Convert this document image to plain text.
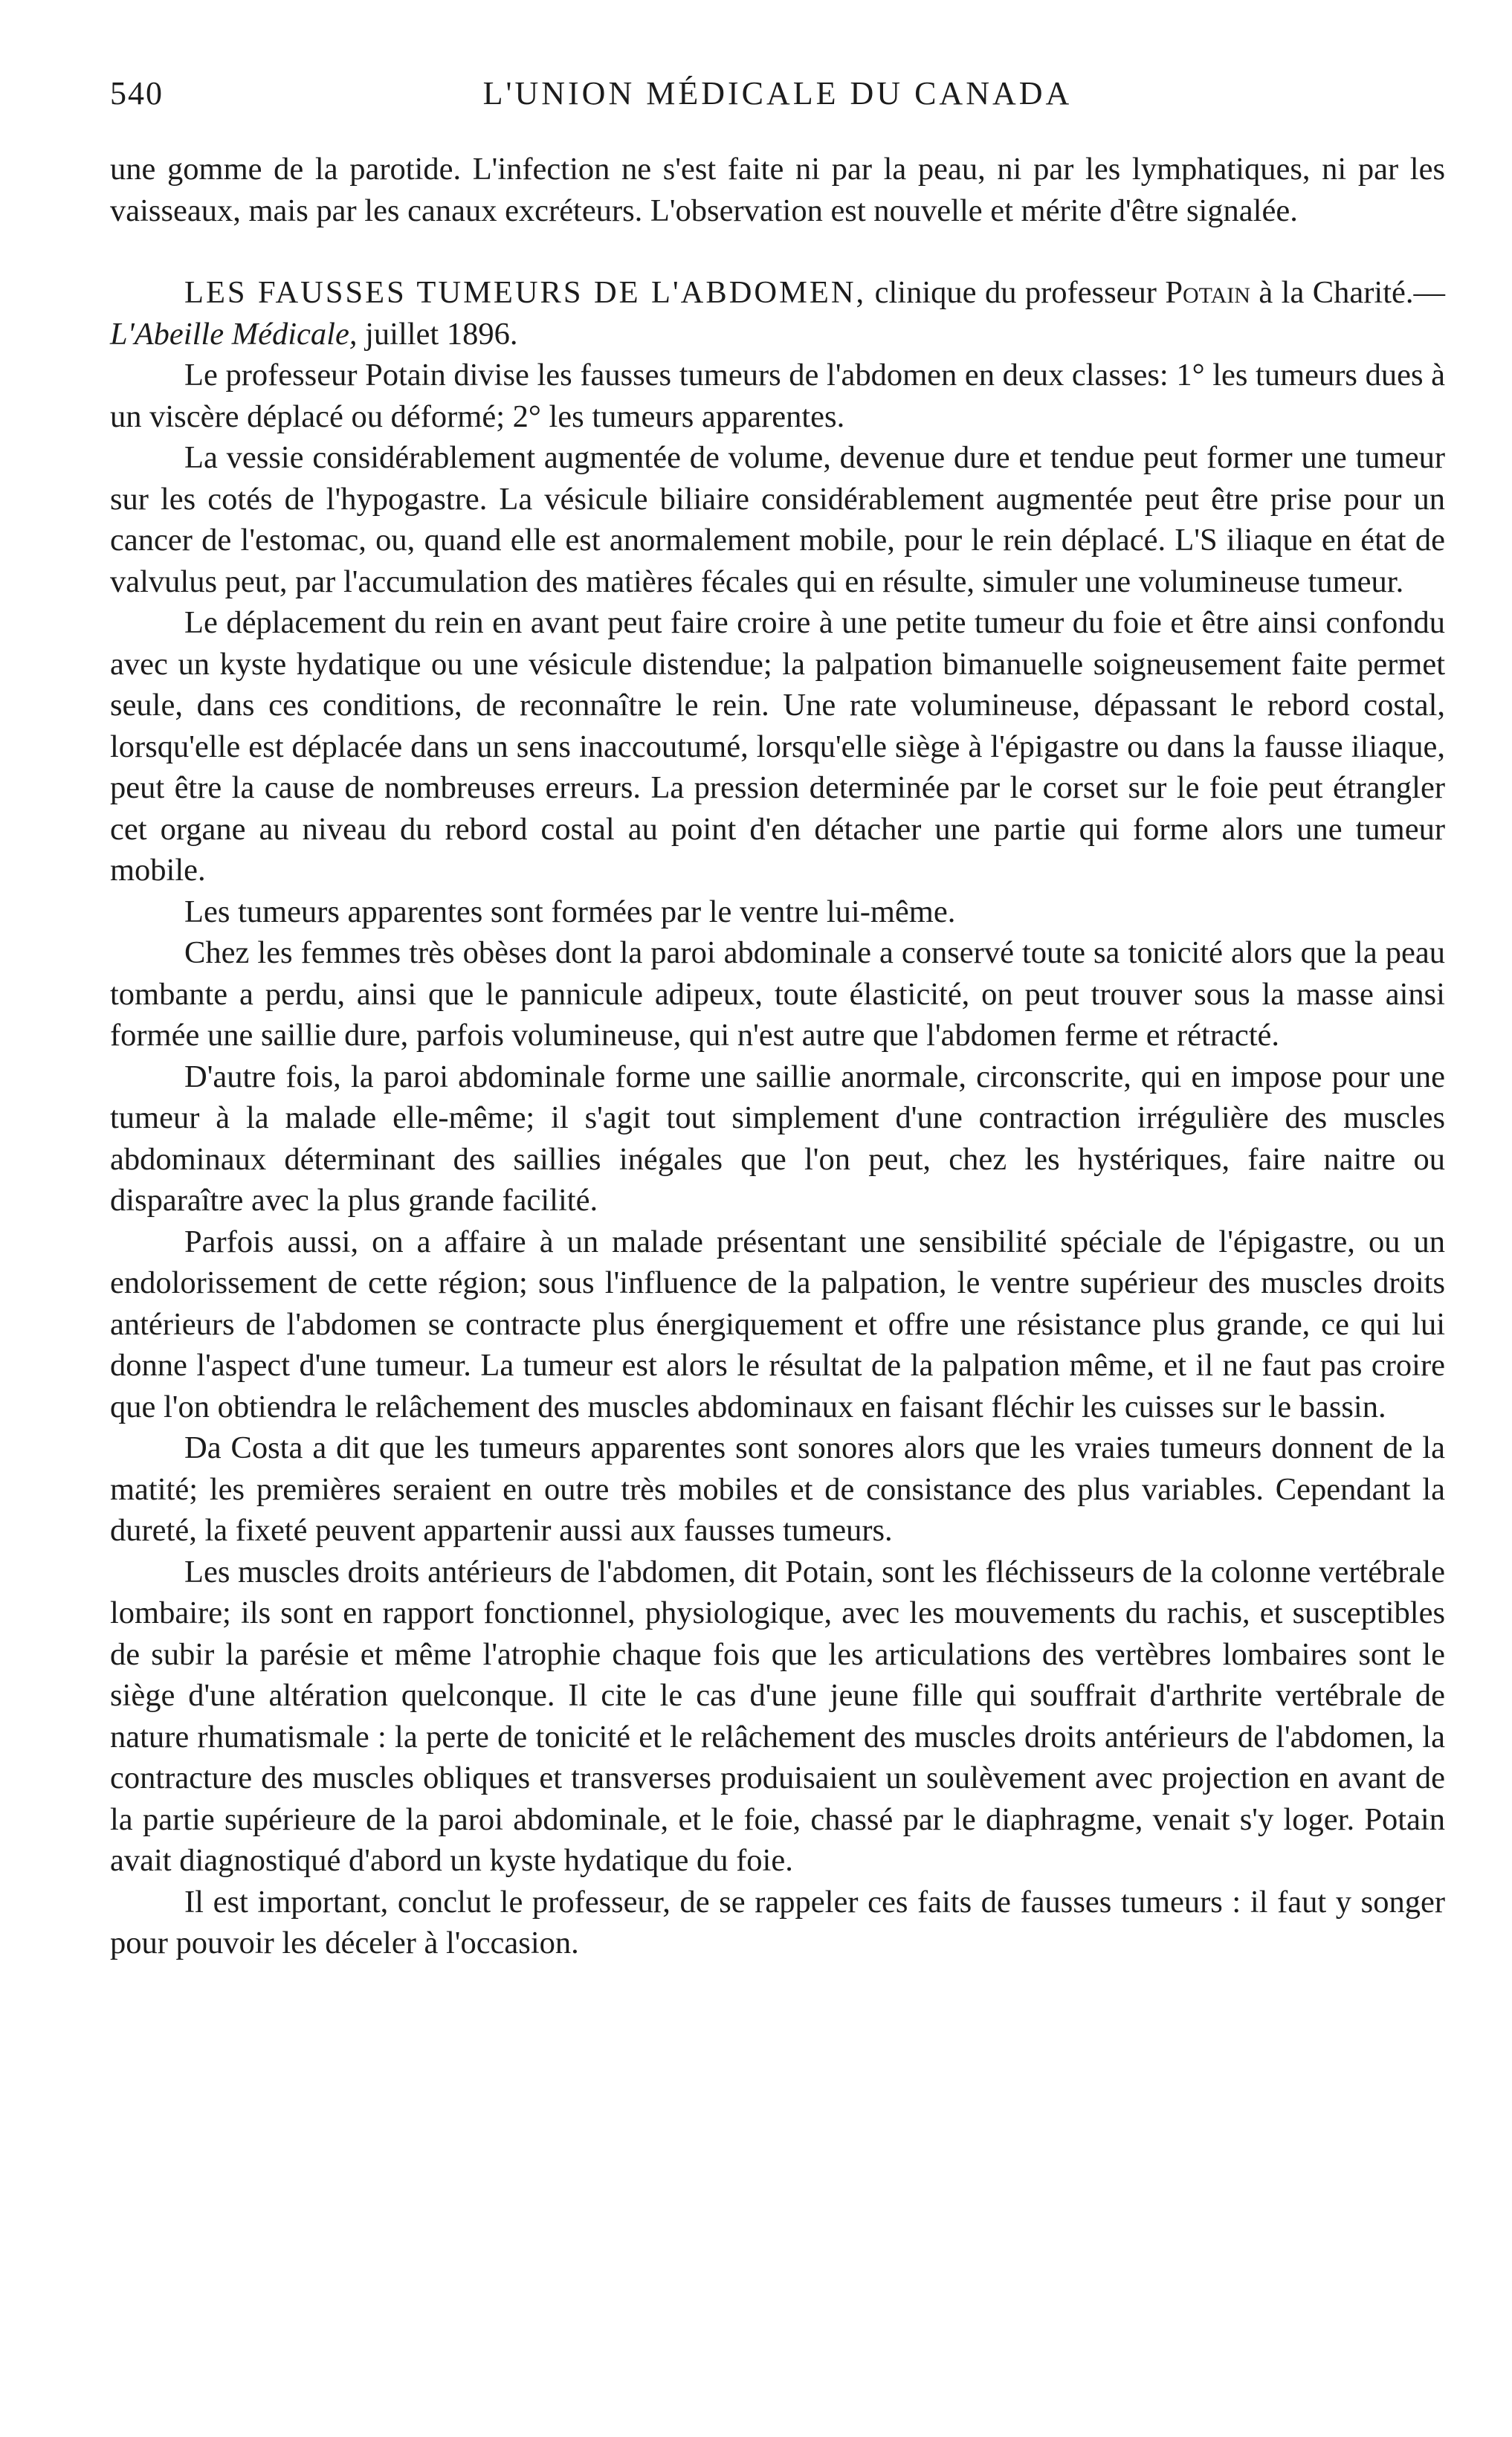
540	L'UNION MÉDICALE DU CANADA

une gomme de la parotide. L'infection ne s'est faite ni par la peau, ni par les lymphatiques, ni par les vaisseaux, mais par les canaux excréteurs. L'observation est nouvelle et mérite d'être signalée.

LES FAUSSES TUMEURS DE L'ABDOMEN, clinique du professeur Potain à la Charité.—L'Abeille Médicale, juillet 1896.

Le professeur Potain divise les fausses tumeurs de l'abdomen en deux classes: 1° les tumeurs dues à un viscère déplacé ou déformé; 2° les tumeurs apparentes.

La vessie considérablement augmentée de volume, devenue dure et tendue peut former une tumeur sur les cotés de l'hypogastre. La vésicule biliaire considérablement augmentée peut être prise pour un cancer de l'estomac, ou, quand elle est anormalement mobile, pour le rein déplacé. L'S iliaque en état de valvulus peut, par l'accumulation des matières fécales qui en résulte, simuler une volumineuse tumeur.

Le déplacement du rein en avant peut faire croire à une petite tumeur du foie et être ainsi confondu avec un kyste hydatique ou une vésicule distendue; la palpation bimanuelle soigneusement faite permet seule, dans ces conditions, de reconnaître le rein. Une rate volumineuse, dépassant le rebord costal, lorsqu'elle est déplacée dans un sens inaccoutumé, lorsqu'elle siège à l'épigastre ou dans la fausse iliaque, peut être la cause de nombreuses erreurs. La pression determinée par le corset sur le foie peut étrangler cet organe au niveau du rebord costal au point d'en détacher une partie qui forme alors une tumeur mobile.

Les tumeurs apparentes sont formées par le ventre lui-même.

Chez les femmes très obèses dont la paroi abdominale a conservé toute sa tonicité alors que la peau tombante a perdu, ainsi que le pannicule adipeux, toute élasticité, on peut trouver sous la masse ainsi formée une saillie dure, parfois volumineuse, qui n'est autre que l'abdomen ferme et rétracté.

D'autre fois, la paroi abdominale forme une saillie anormale, circonscrite, qui en impose pour une tumeur à la malade elle-même; il s'agit tout simplement d'une contraction irrégulière des muscles abdominaux déterminant des saillies inégales que l'on peut, chez les hystériques, faire naitre ou disparaître avec la plus grande facilité.

Parfois aussi, on a affaire à un malade présentant une sensibilité spéciale de l'épigastre, ou un endolorissement de cette région; sous l'influence de la palpation, le ventre supérieur des muscles droits antérieurs de l'abdomen se contracte plus énergiquement et offre une résistance plus grande, ce qui lui donne l'aspect d'une tumeur. La tumeur est alors le résultat de la palpation même, et il ne faut pas croire que l'on obtiendra le relâchement des muscles abdominaux en faisant fléchir les cuisses sur le bassin.

Da Costa a dit que les tumeurs apparentes sont sonores alors que les vraies tumeurs donnent de la matité; les premières seraient en outre très mobiles et de consistance des plus variables. Cependant la dureté, la fixeté peuvent appartenir aussi aux fausses tumeurs.

Les muscles droits antérieurs de l'abdomen, dit Potain, sont les fléchisseurs de la colonne vertébrale lombaire; ils sont en rapport fonctionnel, physiologique, avec les mouvements du rachis, et susceptibles de subir la parésie et même l'atrophie chaque fois que les articulations des vertèbres lombaires sont le siège d'une altération quelconque. Il cite le cas d'une jeune fille qui souffrait d'arthrite vertébrale de nature rhumatismale : la perte de tonicité et le relâchement des muscles droits antérieurs de l'abdomen, la contracture des muscles obliques et transverses produisaient un soulèvement avec projection en avant de la partie supérieure de la paroi abdominale, et le foie, chassé par le diaphragme, venait s'y loger. Potain avait diagnostiqué d'abord un kyste hydatique du foie.

Il est important, conclut le professeur, de se rappeler ces faits de fausses tumeurs : il faut y songer pour pouvoir les déceler à l'occasion.
